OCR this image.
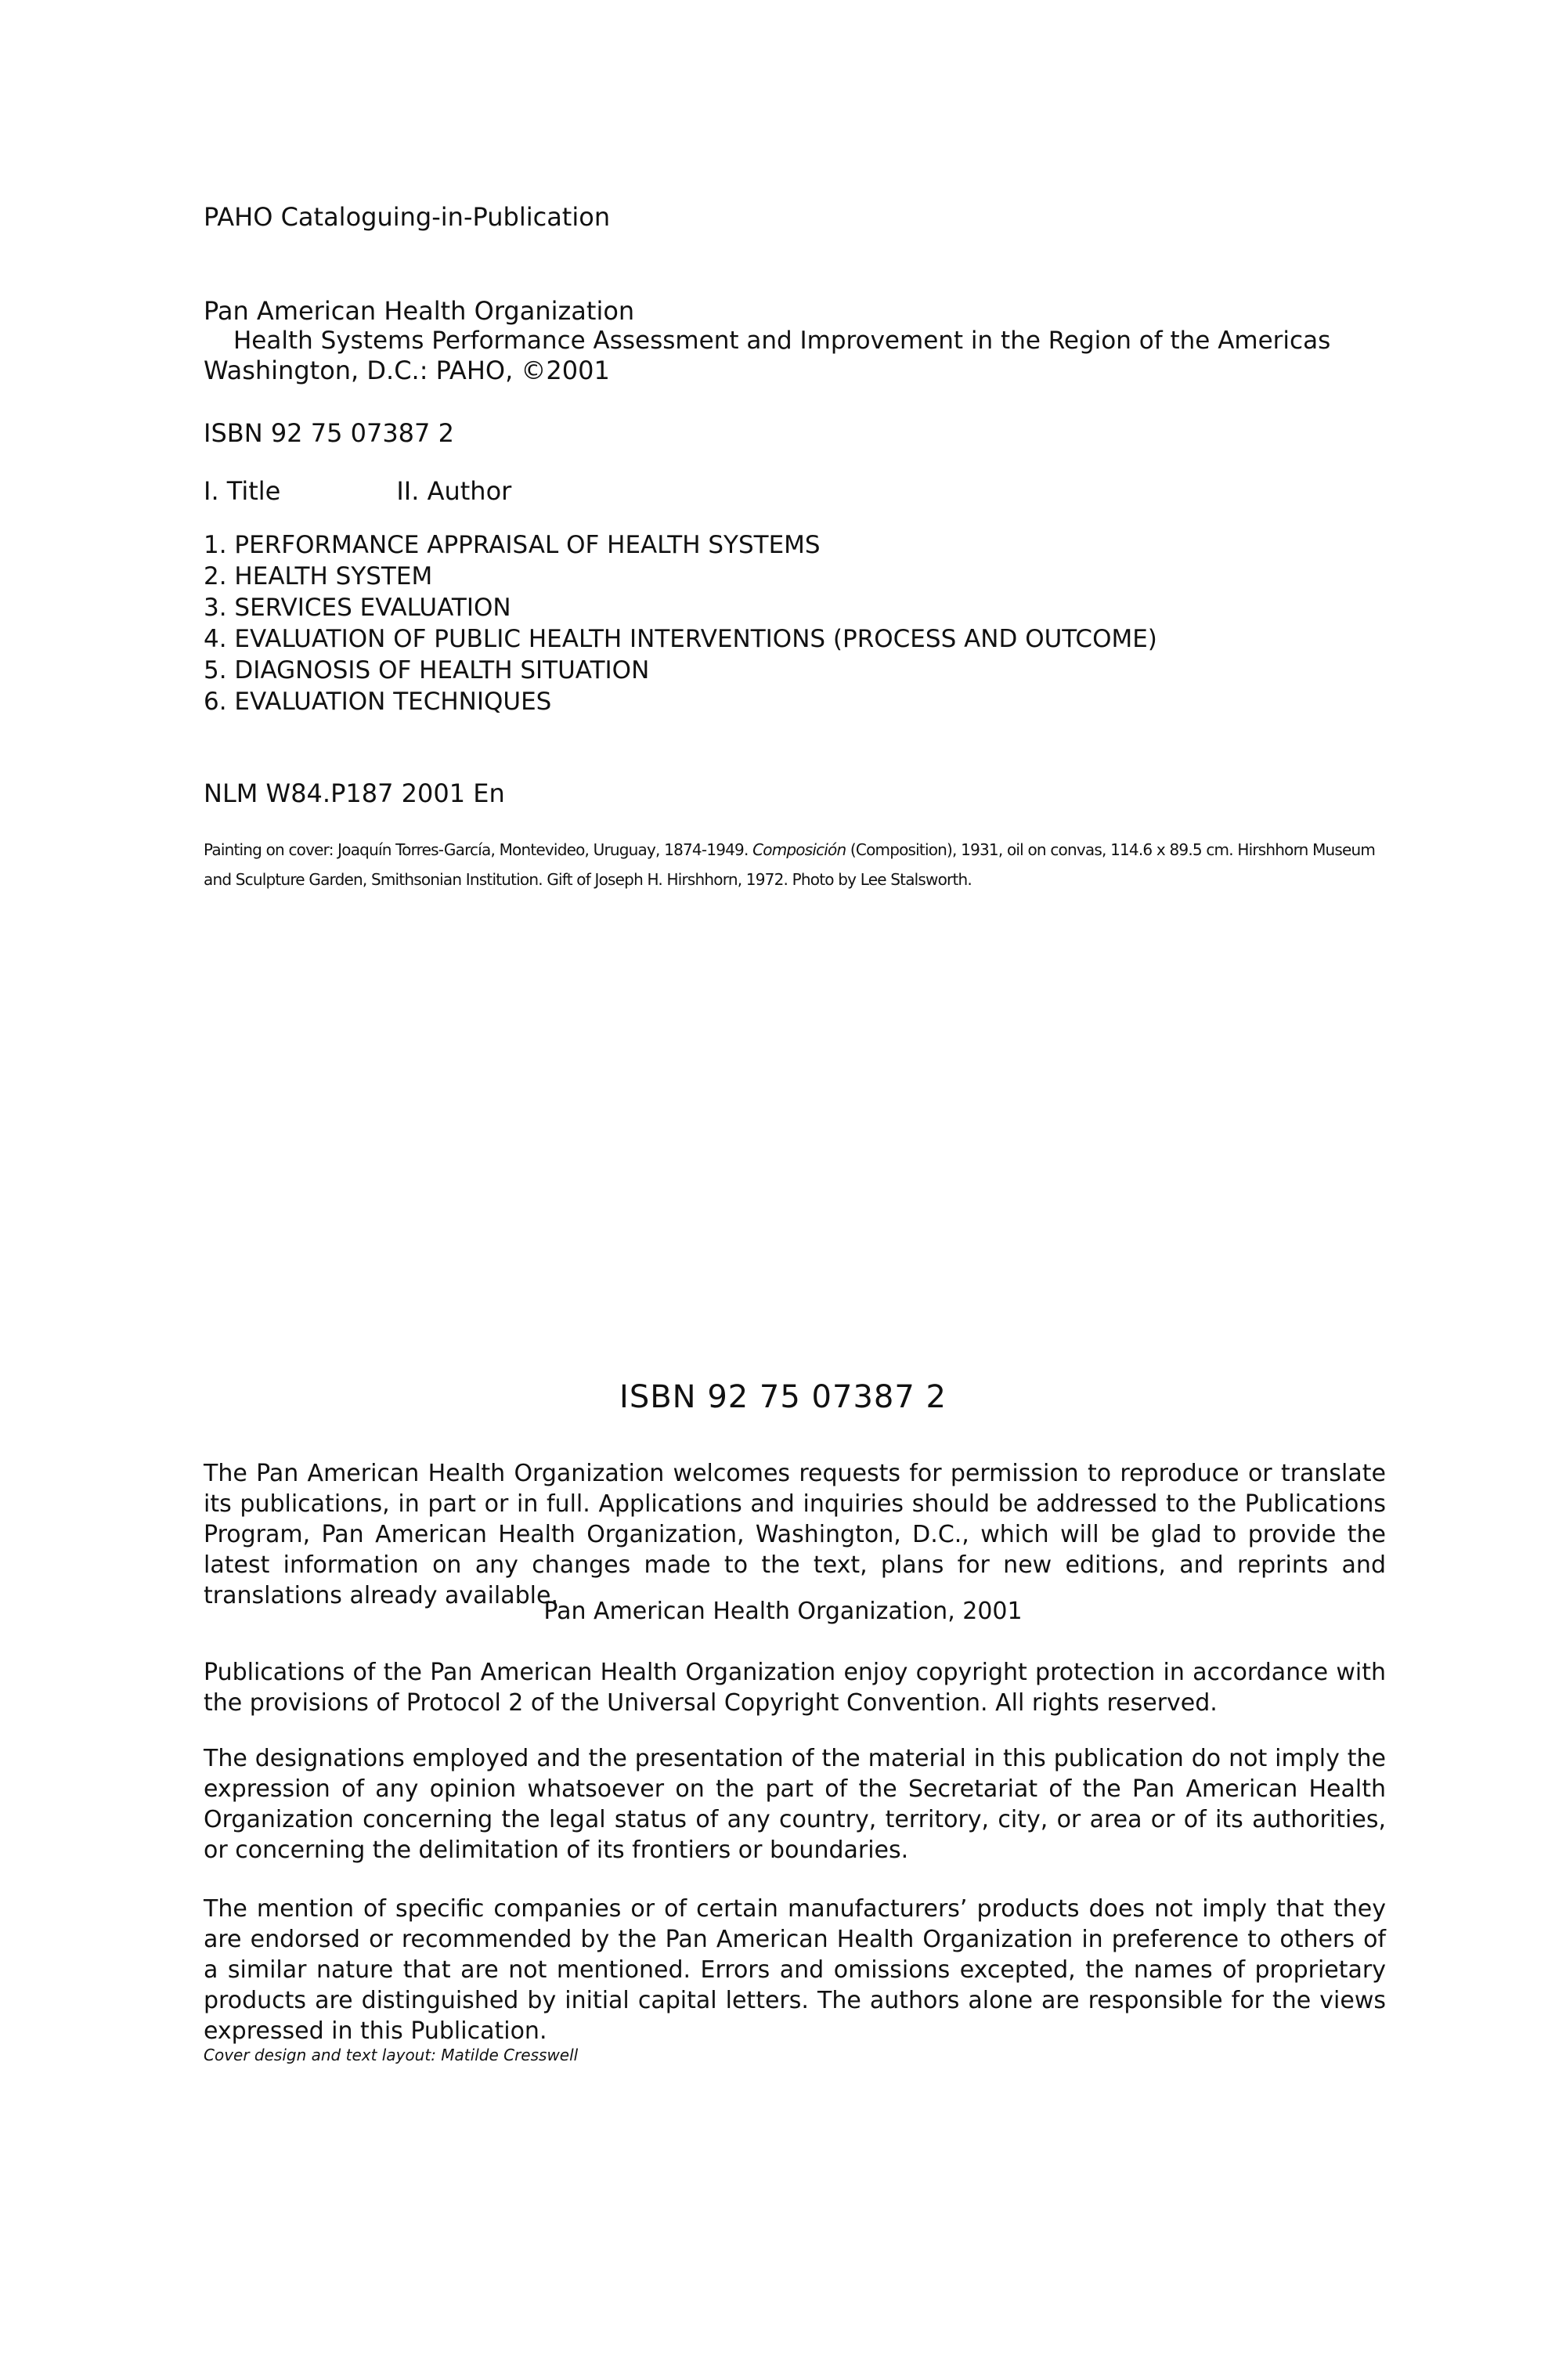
PAHO Cataloguing-in-Publication
Pan American Health Organization
Health Systems Performance Assessment and Improvement in the Region of the Americas
Washington, D.C.: PAHO, ©2001
ISBN 92 75 07387 2
I. Title	II. Author
1. PERFORMANCE APPRAISAL OF HEALTH SYSTEMS
2. HEALTH SYSTEM
3. SERVICES EVALUATION
4. EVALUATION OF PUBLIC HEALTH INTERVENTIONS (PROCESS AND OUTCOME)
5. DIAGNOSIS OF HEALTH SITUATION
6. EVALUATION TECHNIQUES
NLM W84.P187 2001 En
Painting on cover: Joaquín Torres-García, Montevideo, Uruguay, 1874-1949. Composición (Composition), 1931, oil on convas, 114.6 x 89.5 cm. Hirshhorn Museum and Sculpture Garden, Smithsonian Institution. Gift of Joseph H. Hirshhorn, 1972. Photo by Lee Stalsworth.
ISBN 92 75 07387 2

The Pan American Health Organization welcomes requests for permission to reproduce or translate its publications, in part or in full. Applications and inquiries should be addressed to the Publications Program, Pan American Health Organization, Washington, D.C., which will be glad to provide the latest information on any changes made to the text, plans for new editions, and reprints and translations already available.

Pan American Health Organization, 2001

Publications of the Pan American Health Organization enjoy copyright protection in accordance with the provisions of Protocol 2 of the Universal Copyright Convention. All rights reserved.

The designations employed and the presentation of the material in this publication do not imply the expression of any opinion whatsoever on the part of the Secretariat of the Pan American Health Organization concerning the legal status of any country, territory, city, or area or of its authorities, or concerning the delimitation of its frontiers or boundaries.

The mention of specific companies or of certain manufacturers’ products does not imply that they are endorsed or recommended by the Pan American Health Organization in preference to others of a similar nature that are not mentioned. Errors and omissions excepted, the names of proprietary products are distinguished by initial capital letters. The authors alone are responsible for the views expressed in this Publication.

Cover design and text layout: Matilde Cresswell
